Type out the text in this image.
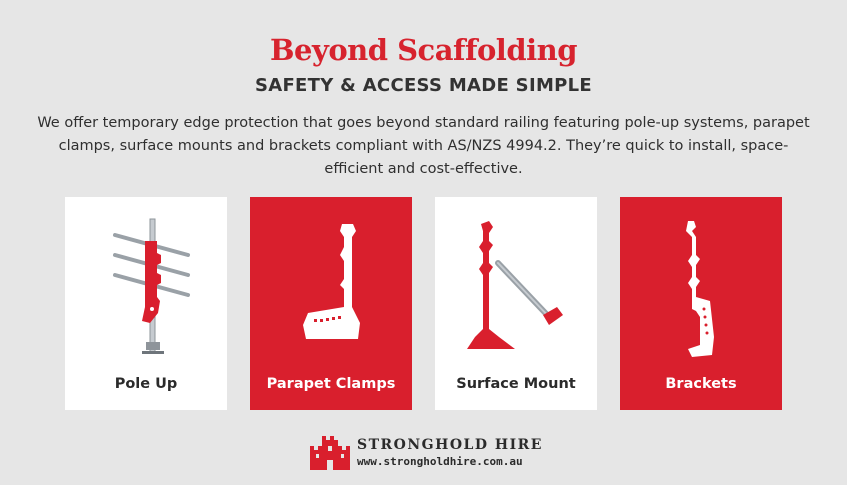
Beyond Scaffolding
SAFETY & ACCESS MADE SIMPLE

We offer temporary edge protection that goes beyond standard railing featuring pole-up systems, parapet clamps, surface mounts and brackets compliant with AS/NZS 4994.2. They’re quick to install, space-efficient and cost-effective.

Pole Up	Parapet Clamps	Surface Mount	Brackets
STRONGHOLD HIRE
www.strongholdhire.com.au
